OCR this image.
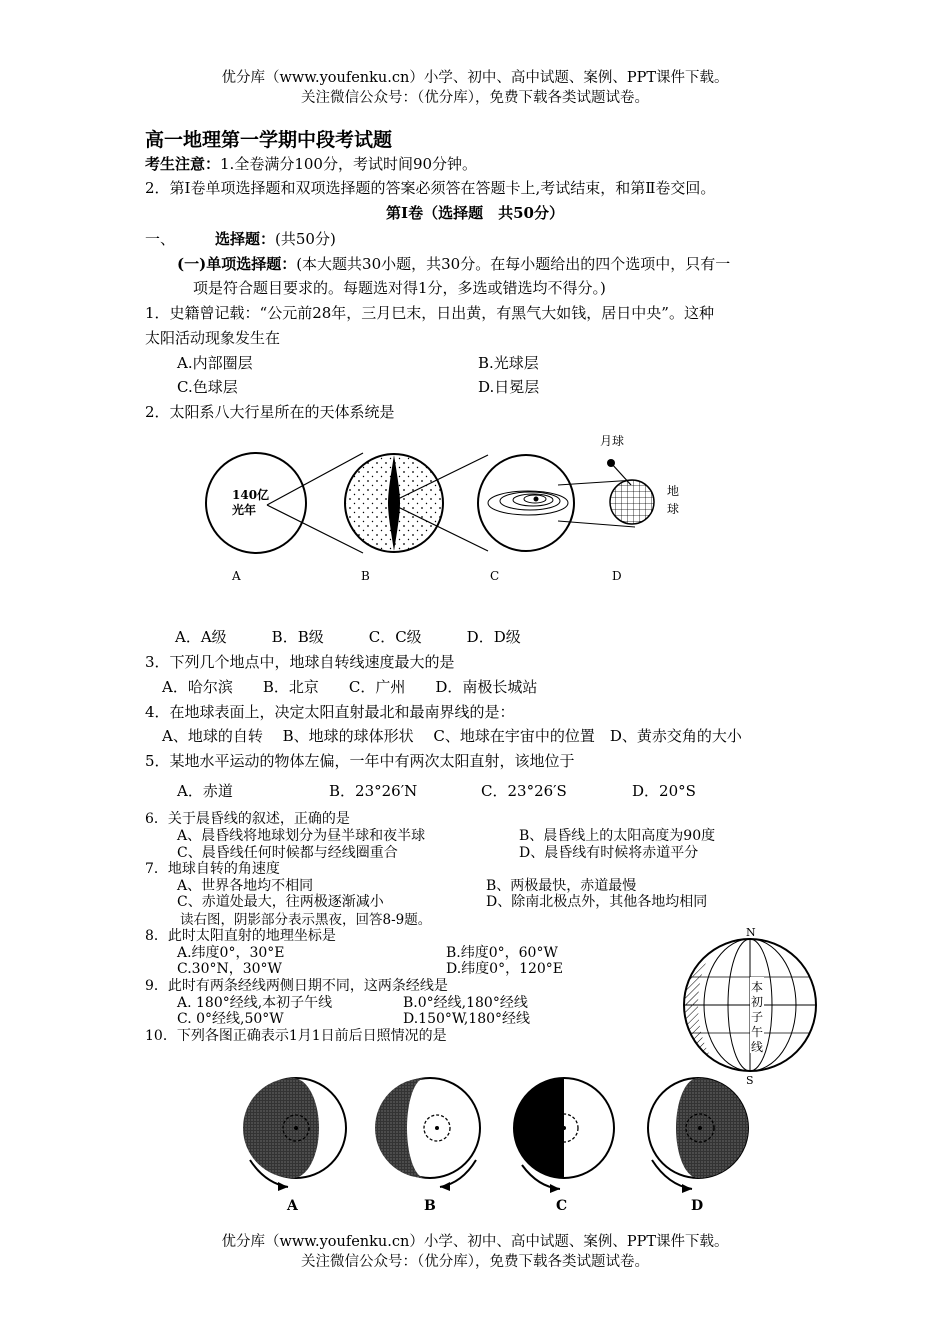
优分库（www.youfenku.cn）小学、初中、高中试题、案例、PPT课件下载。
关注微信公众号：（优分库），免费下载各类试题试卷。
高一地理第一学期中段考试题
考生注意：1.全卷满分100分，考试时间90分钟。
2．第Ⅰ卷单项选择题和双项选择题的答案必须答在答题卡上,考试结束，和第Ⅱ卷交回。
第Ⅰ卷（选择题　共50分）
一、	选择题：(共50分)
(一)单项选择题：(本大题共30小题，共30分。在每小题给出的四个选项中，只有一
项是符合题目要求的。每题选对得1分，多选或错选均不得分。)
1．史籍曾记载：“公元前28年，三月巳末，日出黄，有黑气大如钱，居日中央”。这种
太阳活动现象发生在
A.内部圈层	B.光球层
C.色球层	D.日冕层
2．太阳系八大行星所在的天体系统是
140亿
光年
月球
地
球
A	B	C	D
A．A级　　　B．B级　　　C．C级　　　D．D级
3．下列几个地点中，地球自转线速度最大的是
A．哈尔滨　　B．北京　　C．广州　　D．南极长城站
4．在地球表面上，决定太阳直射最北和最南界线的是：
A、地球的自转　 B、地球的球体形状　 C、地球在宇宙中的位置　D、黄赤交角的大小
5．某地水平运动的物体左偏，一年中有两次太阳直射，该地位于
A．赤道	B．23°26′N	C．23°26′S	D．20°S
6．关于晨昏线的叙述，正确的是
A、晨昏线将地球划分为昼半球和夜半球	B、晨昏线上的太阳高度为90度
C、晨昏线任何时候都与经线圈重合	D、晨昏线有时候将赤道平分
7．地球自转的角速度
A、世界各地均不相同	B、两极最快，赤道最慢
C、赤道处最大，往两极逐渐减小	D、除南北极点外，其他各地均相同
读右图，阴影部分表示黑夜，回答8-9题。
8．此时太阳直射的地理坐标是
A.纬度0°，30°E	B.纬度0°，60°W
C.30°N，30°W	D.纬度0°，120°E
9．此时有两条经线两侧日期不同，这两条经线是
A. 180°经线,本初子午线	B.0°经线,180°经线
C. 0°经线,50°W	D.150°W,180°经线
10．下列各图正确表示1月1日前后日照情况的是
N
S
本
初
子
午
线
A	B	C	D
优分库（www.youfenku.cn）小学、初中、高中试题、案例、PPT课件下载。
关注微信公众号：（优分库），免费下载各类试题试卷。
